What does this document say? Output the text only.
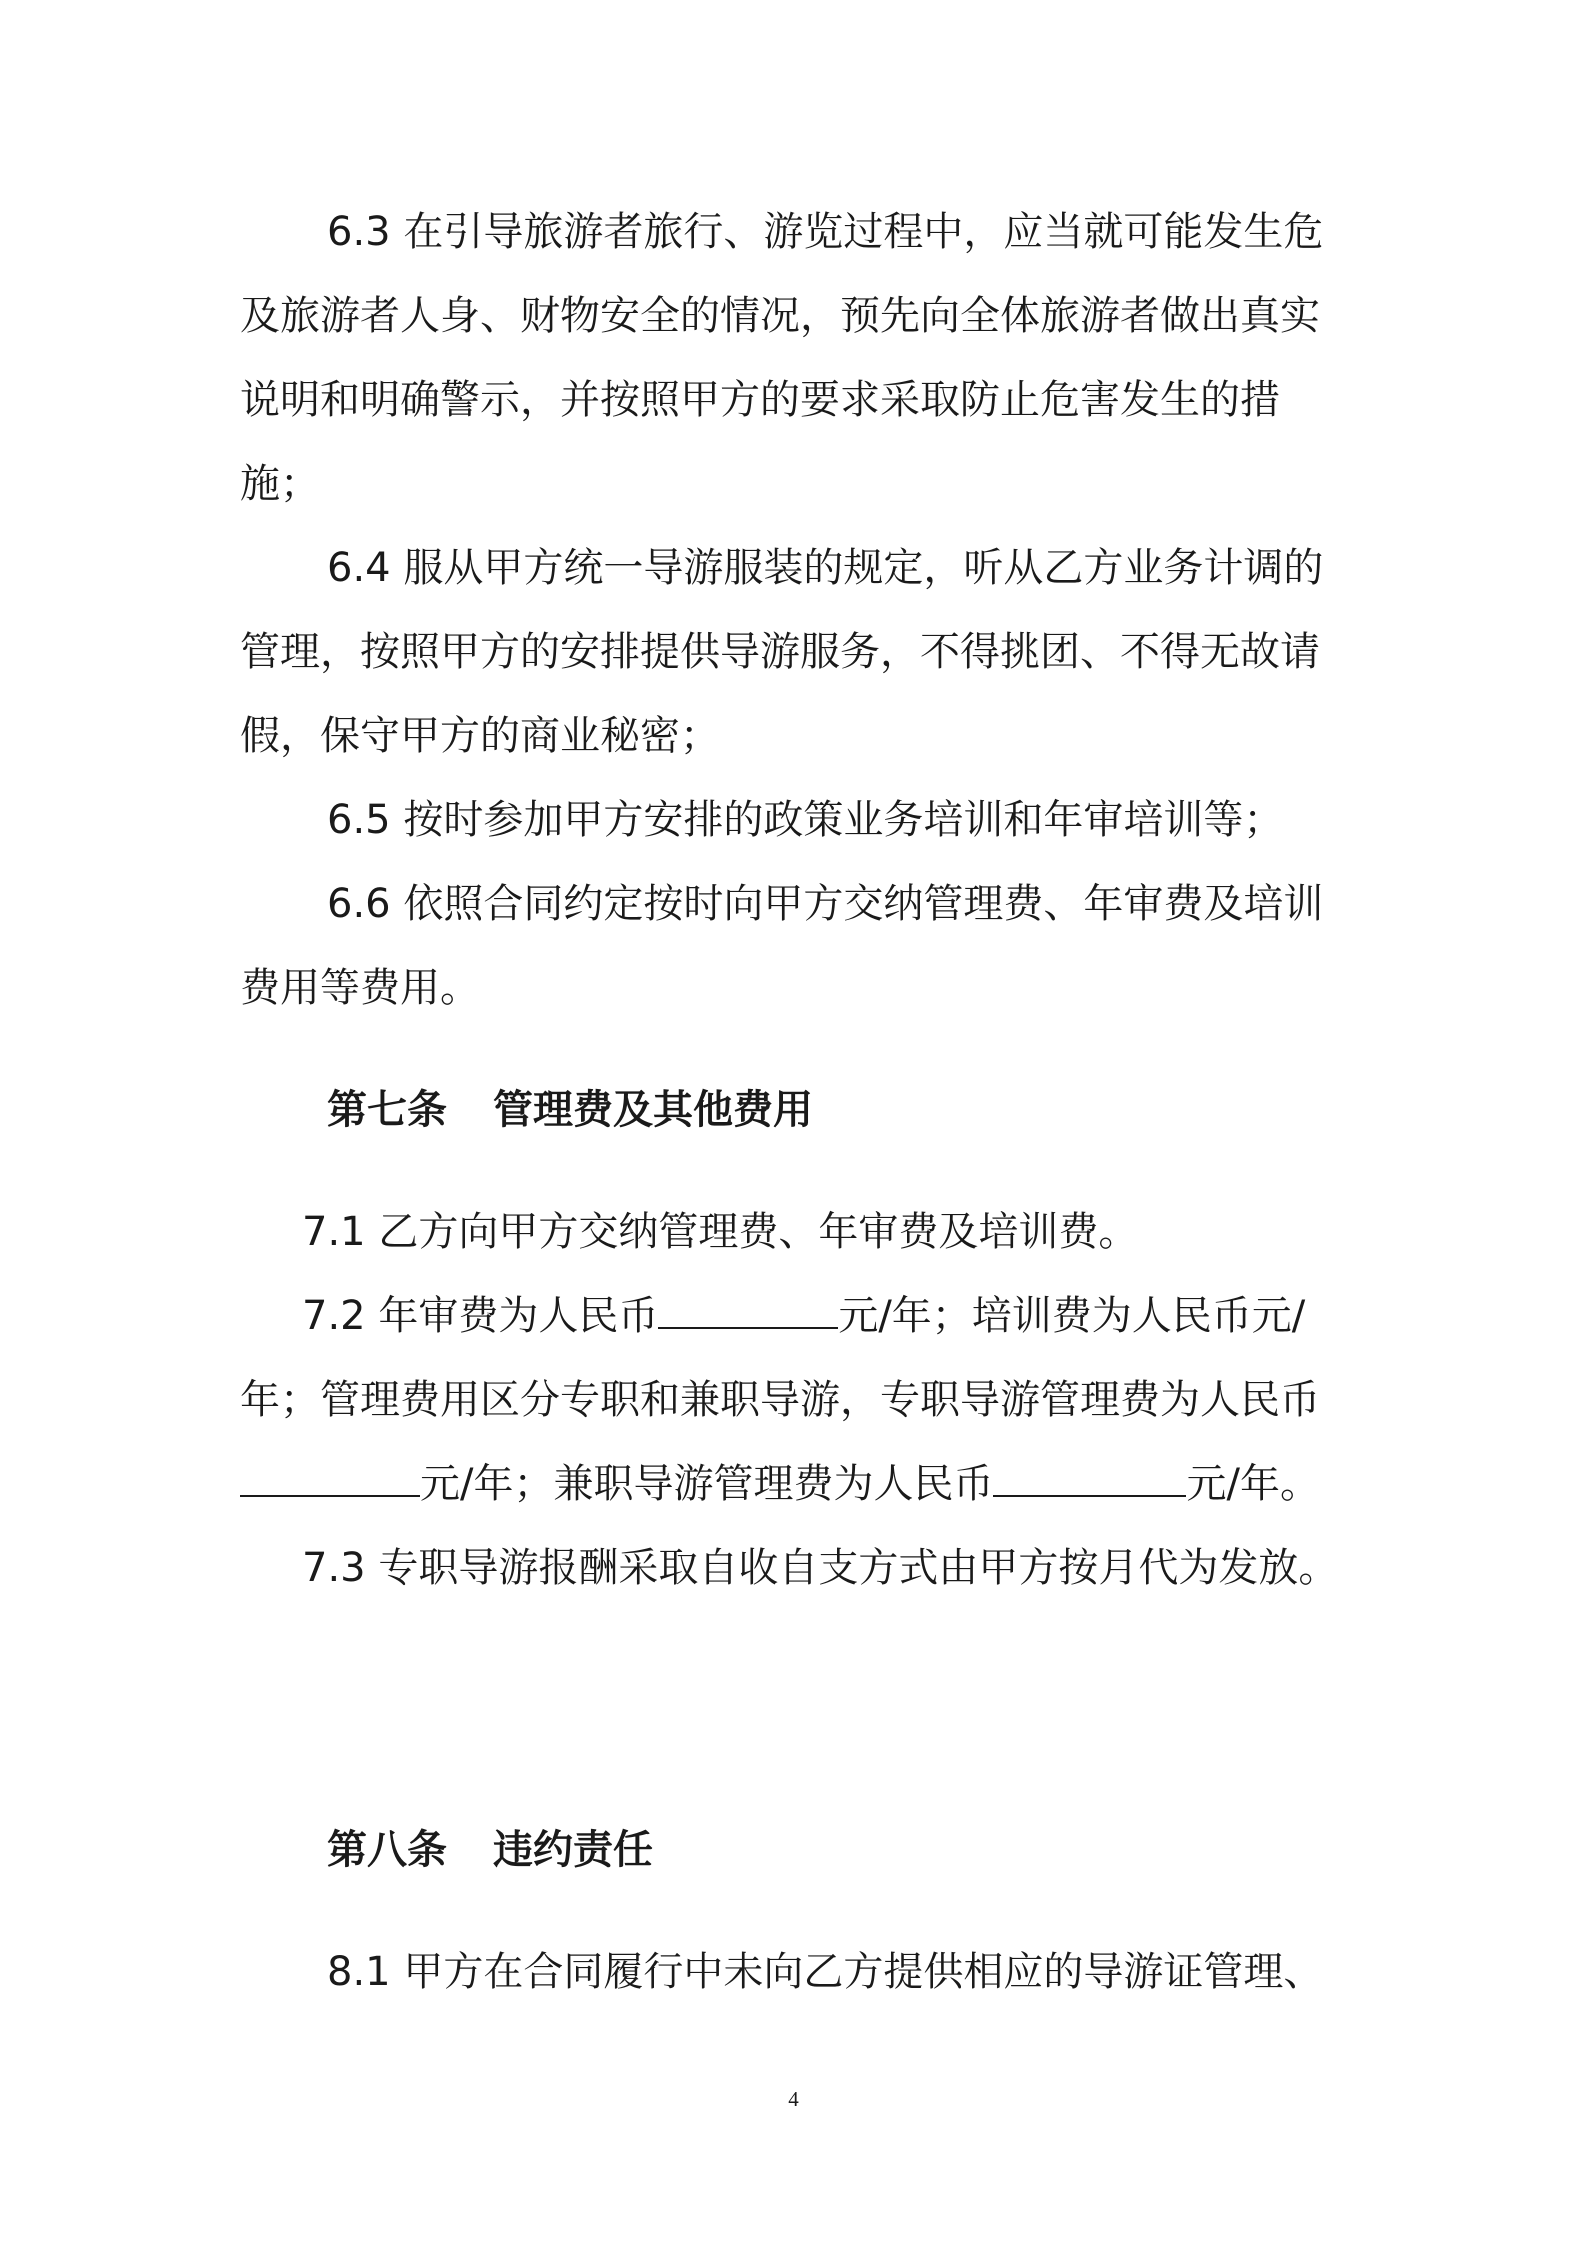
6.3 在引导旅游者旅行、游览过程中，应当就可能发生危及旅游者人身、财物安全的情况，预先向全体旅游者做出真实说明和明确警示，并按照甲方的要求采取防止危害发生的措施；

6.4 服从甲方统一导游服装的规定，听从乙方业务计调的管理，按照甲方的安排提供导游服务，不得挑团、不得无故请假，保守甲方的商业秘密；

6.5 按时参加甲方安排的政策业务培训和年审培训等；

6.6 依照合同约定按时向甲方交纳管理费、年审费及培训费用等费用。

第七条 管理费及其他费用

7.1 乙方向甲方交纳管理费、年审费及培训费。

7.2 年审费为人民币	元/年；培训费为人民币元/年；管理费用区分专职和兼职导游，专职导游管理费为人民币元/年；兼职导游管理费为人民币	元/年。

7.3 专职导游报酬采取自收自支方式由甲方按月代为发放。

第八条 违约责任

8.1 甲方在合同履行中未向乙方提供相应的导游证管理、

4
